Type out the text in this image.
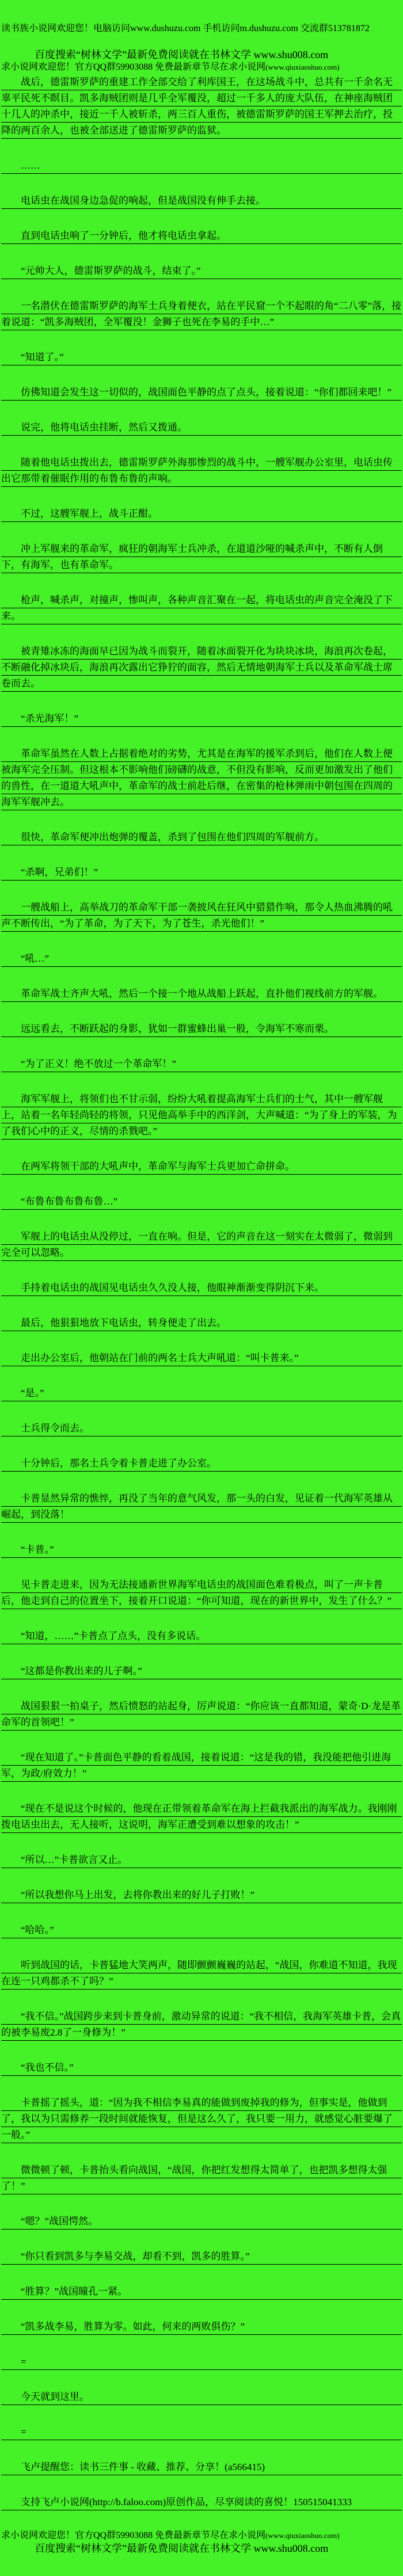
读书族小说网欢迎您！电脑访问www.dushuzu.com 手机访问m.dushuzu.com 交流群513781872

百度搜索“树林文学”最新免费阅读就在书林文学 www.shu008.com

求小说网欢迎您！官方QQ群59903088 免费最新章节尽在求小说网(www.qiuxiaoshuo.com)

战后，德雷斯罗萨的重建工作全部交给了利库国王，在这场战斗中，总共有一千余名无辜平民死不瞑目。凯多海贼团则是几乎全军覆没，超过一千多人的庞大队伍，在神座海贼团十几人的冲杀中，接近一千人被斩杀，两三百人重伤，被德雷斯罗萨的国王军押去治疗，投降的两百余人，也被全部送进了德雷斯罗萨的监狱。

……

电话虫在战国身边急促的响起，但是战国没有伸手去接。

直到电话虫响了一分钟后，他才将电话虫拿起。

“元帅大人，德雷斯罗萨的战斗，结束了。”

一名潜伏在德雷斯罗萨的海军士兵身着便衣，站在平民窟一个不起眼的角“二八零”落，接着说道：“凯多海贼团，全军覆没！金狮子也死在李易的手中…”

“知道了。”

仿佛知道会发生这一切似的，战国面色平静的点了点头，接着说道：“你们都回来吧！”

说完，他将电话虫挂断，然后又拨通。

随着他电话虫拨出去，德雷斯罗萨外海那惨烈的战斗中，一艘军舰办公室里，电话虫传出它那带着催眠作用的布鲁布鲁的声响。

不过，这艘军舰上，战斗正酣。

冲上军舰来的革命军，疯狂的朝海军士兵冲杀，在道道沙哑的喊杀声中，不断有人倒下，有海军，也有革命军。

枪声，喊杀声，对撞声，惨叫声，各种声音汇聚在一起，将电话虫的声音完全淹没了下来。

被青雉冰冻的海面早已因为战斗而裂开，随着冰面裂开化为块块冰块，海浪再次卷起，不断融化掉冰块后，海浪再次露出它狰狞的面容，然后无情地朝海军士兵以及革命军战士席卷而去。

“杀光海军！”

革命军虽然在人数上占据着绝对的劣势，尤其是在海军的援军杀到后，他们在人数上便被海军完全压制。但这根本不影响他们磅礴的战意，不但没有影响，反而更加激发出了他们的兽性，在一道道大吼声中，革命军的战士前赴后继，在密集的枪林弹雨中朝包围在四周的海军军舰冲去。

很快，革命军便冲出炮弹的覆盖，杀到了包围在他们四周的军舰前方。

“杀啊，兄弟们！”

一艘战船上，高举战刀的革命军干部一袭披风在狂风中猎猎作响，那令人热血沸腾的吼声不断传出，“为了革命，为了天下，为了苍生，杀光他们！”

“吼…”

革命军战士齐声大吼，然后一个接一个地从战船上跃起，直扑他们视线前方的军舰。

远远看去，不断跃起的身影，犹如一群蜜蜂出巢一般，令海军不寒而栗。

“为了正义！绝不放过一个革命军！”

海军军舰上，将领们也不甘示弱，纷纷大吼着提高海军士兵们的士气，其中一艘军舰上，站着一名年轻尚轻的将领，只见他高举手中的西洋剑，大声喊道：“为了身上的军装，为了我们心中的正义，尽情的杀戮吧。”

在两军将领干部的大吼声中，革命军与海军士兵更加亡命拼命。

“布鲁布鲁布鲁布鲁…”

军舰上的电话虫从没停过，一直在响。但是，它的声音在这一刻实在太微弱了，微弱到完全可以忽略。

手持着电话虫的战国见电话虫久久没人接，他眼神渐渐变得阴沉下来。

最后，他狠狠地放下电话虫，转身便走了出去。

走出办公室后，他朝站在门前的两名士兵大声吼道：“叫卡普来。”

“是。”

士兵得令而去。

十分钟后，那名士兵令着卡普走进了办公室。

卡普显然异常的憔悴，再没了当年的意气风发，那一头的白发，见证着一代海军英雄从崛起，到没落！

“卡普。”

见卡普走进来，因为无法接通新世界海军电话虫的战国面色难看极点，叫了一声卡普后，他走到自己的位置坐下，接着开口说道：“你可知道，现在的新世界中，发生了什么？”

“知道，……”卡普点了点头，没有多说话。

“这都是你教出来的儿子啊。”

战国狠狠一拍桌子，然后愤怒的站起身，厉声说道：“你应该一直都知道，蒙奇·D·龙是革命军的首领吧！”

“现在知道了。”卡普面色平静的看着战国，接着说道：“这是我的错，我没能把他引进海军，为政/府效力！”

“现在不是说这个时候的，他现在正带领着革命军在海上拦截我派出的海军战力。我刚刚拨电话虫出去，无人接听，这说明，海军正遭受到难以想象的攻击！”

“所以…”卡普欲言又止。

“所以我想你马上出发，去将你教出来的好儿子打败！”

“哈哈。”

听到战国的话，卡普猛地大笑两声，随即颤颤巍巍的站起，“战国，你难道不知道，我现在连一只鸡都杀不了吗？”

“我不信。”战国跨步来到卡普身前，激动异常的说道：“我不相信，我海军英雄卡普，会真的被李易废2.8了一身修为！”

“我也不信。”

卡普摇了摇头，道：“因为我不相信李易真的能做到废掉我的修为，但事实是，他做到了，我以为只需修养一段时间就能恢复，但是这么久了，我只要一用力，就感觉心脏要爆了一般。”

微微顿了顿，卡普抬头看向战国，“战国，你把红发想得太简单了，也把凯多想得太强了！”

“嗯？”战国愕然。

“你只看到凯多与李易交战，却看不到，凯多的胜算。”

“胜算？”战国瞳孔一紧。

“凯多战李易，胜算为零。如此，何来的两败俱伤？”

=

今天就到这里。

=

飞卢提醒您：读书三件事 - 收藏、推荐、分享！(a566415)

支持飞卢小说网(http://b.faloo.com)原创作品，尽享阅读的喜悦！150515041333

求小说网欢迎您！官方QQ群59903088 免费最新章节尽在求小说网(www.qiuxiaoshuo.com)

百度搜索“树林文学”最新免费阅读就在书林文学 www.shu008.com
